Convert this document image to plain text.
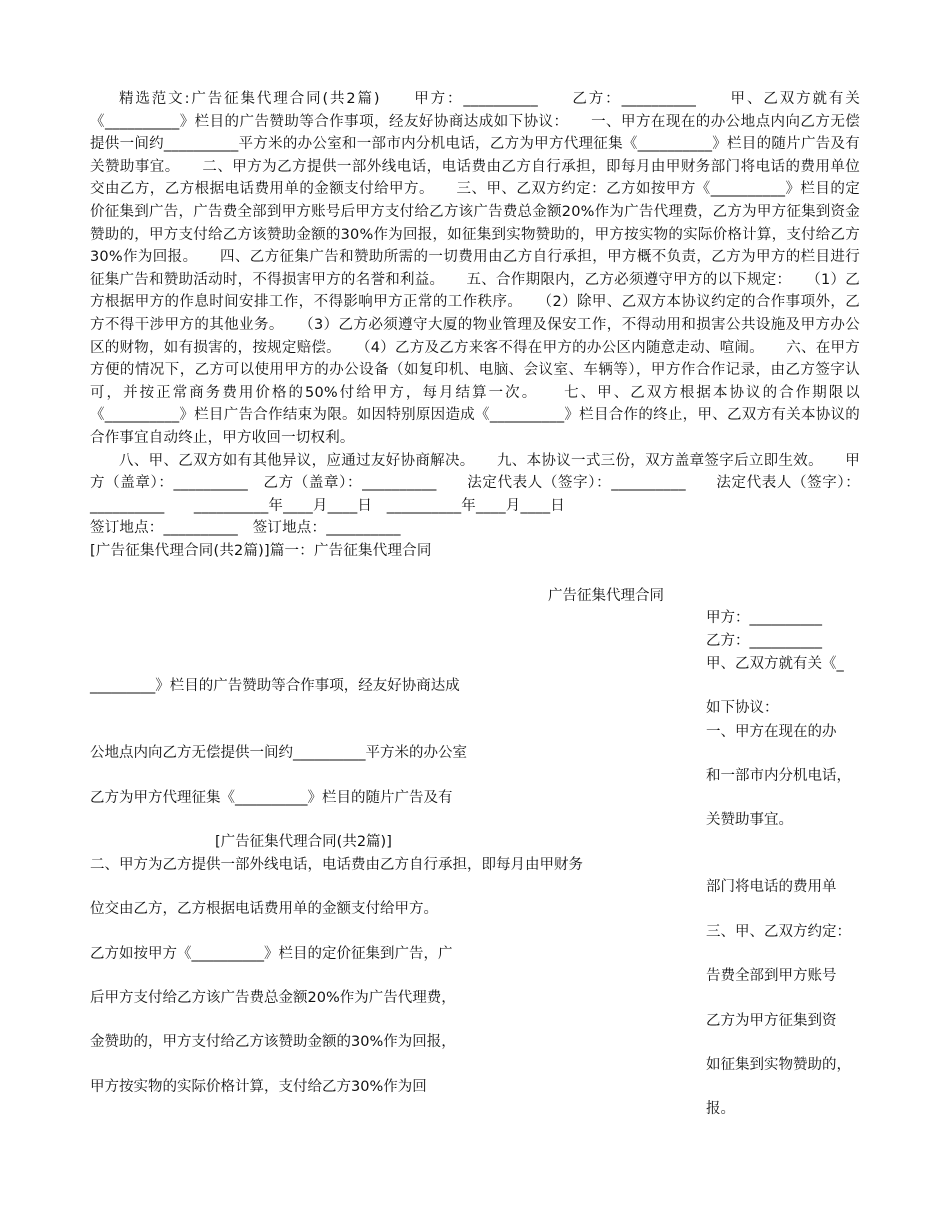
精选范文:广告征集代理合同(共2篇)　　甲方：__________　　乙方：__________　　甲、乙双方就有关《__________》栏目的广告赞助等合作事项，经友好协商达成如下协议：　　一、甲方在现在的办公地点内向乙方无偿提供一间约__________平方米的办公室和一部市内分机电话，乙方为甲方代理征集《__________》栏目的随片广告及有关赞助事宜。　　二、甲方为乙方提供一部外线电话，电话费由乙方自行承担，即每月由甲财务部门将电话的费用单位交由乙方，乙方根据电话费用单的金额支付给甲方。　　三、甲、乙双方约定：乙方如按甲方《__________》栏目的定价征集到广告，广告费全部到甲方账号后甲方支付给乙方该广告费总金额20%作为广告代理费，乙方为甲方征集到资金赞助的，甲方支付给乙方该赞助金额的30%作为回报，如征集到实物赞助的，甲方按实物的实际价格计算，支付给乙方30%作为回报。　　四、乙方征集广告和赞助所需的一切费用由乙方自行承担，甲方概不负责，乙方为甲方的栏目进行征集广告和赞助活动时，不得损害甲方的名誉和利益。　　五、合作期限内，乙方必须遵守甲方的以下规定：　　（1）乙方根据甲方的作息时间安排工作，不得影响甲方正常的工作秩序。　　（2）除甲、乙双方本协议约定的合作事项外，乙方不得干涉甲方的其他业务。　　（3）乙方必须遵守大厦的物业管理及保安工作，不得动用和损害公共设施及甲方办公区的财物，如有损害的，按规定赔偿。　　（4）乙方及乙方来客不得在甲方的办公区内随意走动、喧闹。　　六、在甲方方便的情况下，乙方可以使用甲方的办公设备（如复印机、电脑、会议室、车辆等），甲方作合作记录，由乙方签字认可，并按正常商务费用价格的50%付给甲方，每月结算一次。　　七、甲、乙双方根据本协议的合作期限以《__________》栏目广告合作结束为限。如因特别原因造成《__________》栏目合作的终止，甲、乙双方有关本协议的合作事宜自动终止，甲方收回一切权利。

八、甲、乙双方如有其他异议，应通过友好协商解决。　　九、本协议一式三份，双方盖章签字后立即生效。　　甲方（盖章）：__________　乙方（盖章）：__________　　法定代表人（签字）：__________　　法定代表人（签字）：__________　　__________年____月____日　__________年____月____日

签订地点：__________　签订地点：__________
[广告征集代理合同(共2篇)]篇一：广告征集代理合同
广告征集代理合同
甲方：__________
乙方：__________
甲、乙双方就有关《_
如下协议：
一、甲方在现在的办
和一部市内分机电话，
关赞助事宜。
部门将电话的费用单
三、甲、乙双方约定：
告费全部到甲方账号
乙方为甲方征集到资
如征集到实物赞助的，
报。
_________》栏目的广告赞助等合作事项，经友好协商达成
公地点内向乙方无偿提供一间约__________平方米的办公室
乙方为甲方代理征集《__________》栏目的随片广告及有
[广告征集代理合同(共2篇)]
二、甲方为乙方提供一部外线电话，电话费由乙方自行承担，即每月由甲财务
位交由乙方，乙方根据电话费用单的金额支付给甲方。
乙方如按甲方《__________》栏目的定价征集到广告，广
后甲方支付给乙方该广告费总金额20%作为广告代理费，
金赞助的，甲方支付给乙方该赞助金额的30%作为回报，
甲方按实物的实际价格计算，支付给乙方30%作为回
